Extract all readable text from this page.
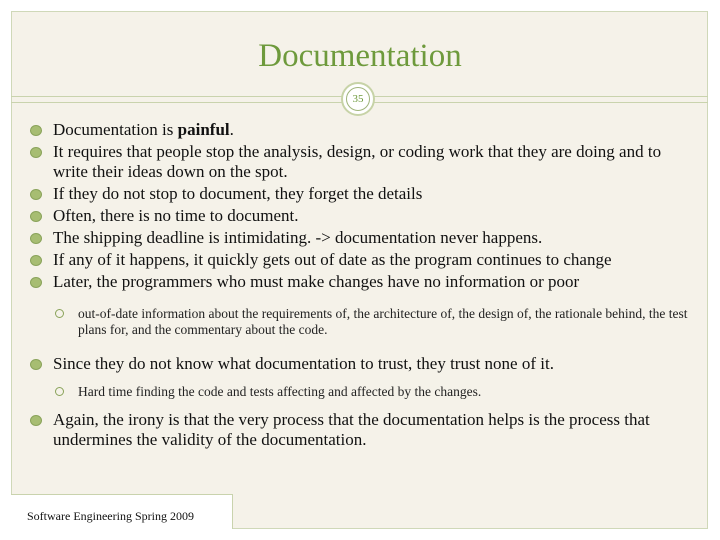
Documentation
35
Documentation is painful.
It requires that people stop the analysis, design, or coding work that they are doing and to write their ideas down on the spot.
If they do not stop to document, they forget the details
Often, there is no time to document.
The shipping deadline is intimidating. -> documentation never happens.
If any of it happens, it quickly gets out of date as the program continues to change
Later, the programmers who must make changes have no information or poor
out-of-date information about the requirements of, the architecture of, the design of, the rationale behind, the test plans for, and the commentary about the code.
Since they do not know what documentation to trust, they trust none of it.
Hard time finding the code and tests affecting and affected by the changes.
Again, the irony is that the very process that the documentation helps is the process that undermines the validity of the documentation.
Software Engineering Spring 2009
